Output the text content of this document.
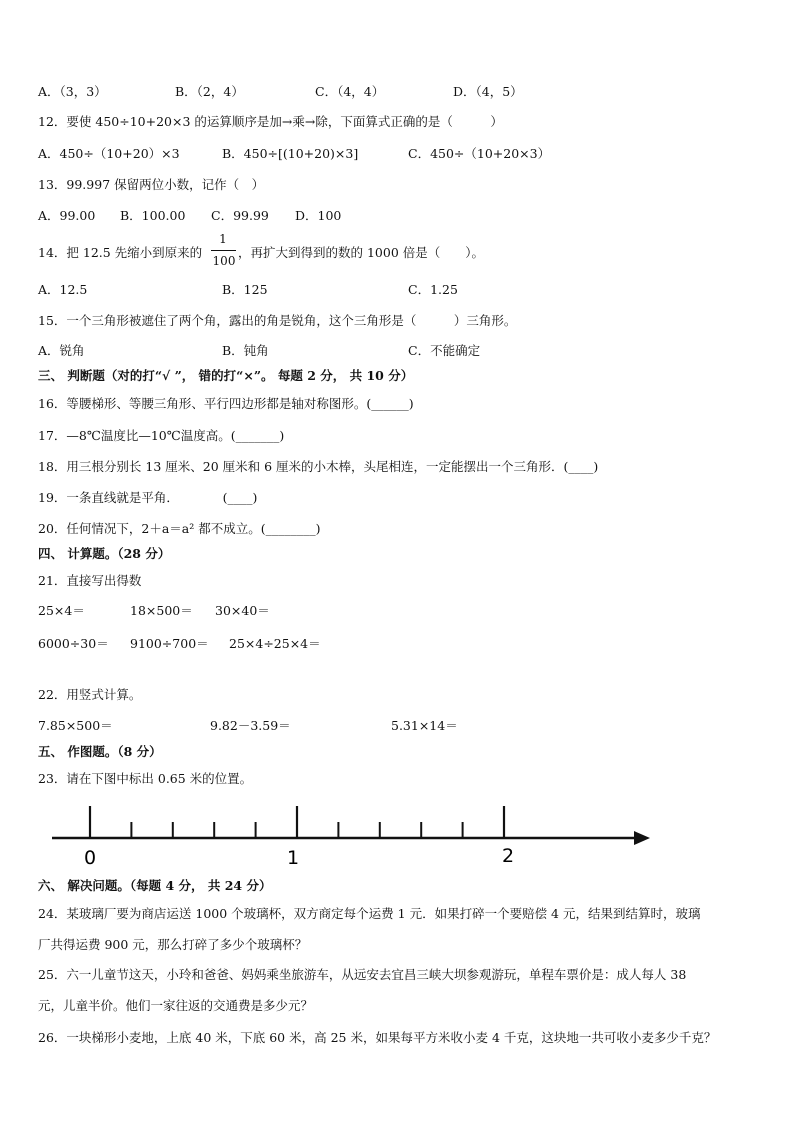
A．（3，3）	B．（2，4）	C．（4，4）	D．（4，5）
12．要使 450÷10+20×3 的运算顺序是加→乘→除，下面算式正确的是（　　　）
A．450÷（10+20）×3	B．450÷[(10+20)×3]	C．450÷（10+20×3）
13．99.997 保留两位小数，记作（　）
A．99.00 B．100.00 C．99.99 D．100
A．12.5	B．125	C．1.25
15．一个三角形被遮住了两个角，露出的角是锐角，这个三角形是（　　　）三角形。
A．锐角	B．钝角	C．不能确定
三、 判断题（对的打“√ ”， 错的打“×”。 每题 2 分， 共 10 分）
16．等腰梯形、等腰三角形、平行四边形都是轴对称图形。(______)
17．—8℃温度比—10℃温度高。(_______)
18．用三根分别长 13 厘米、20 厘米和 6 厘米的小木棒，头尾相连，一定能摆出一个三角形．(____)
19．一条直线就是平角．　　　　(____)
20．任何情况下，2＋a＝a² 都不成立。(________)
四、 计算题。（28 分）
21．直接写出得数
25×4＝	18×500＝ 30×40＝
6000÷30＝ 9100÷700＝ 25×4÷25×4＝
22．用竖式计算。
7.85×500＝	9.82－3.59＝	5.31×14＝
五、 作图题。（8 分）
23．请在下图中标出 0.65 米的位置。
六、 解决问题。（每题 4 分， 共 24 分）
24．某玻璃厂要为商店运送 1000 个玻璃杯，双方商定每个运费 1 元．如果打碎一个要赔偿 4 元，结果到结算时，玻璃
厂共得运费 900 元，那么打碎了多少个玻璃杯？
25．六一儿童节这天，小玲和爸爸、妈妈乘坐旅游车，从远安去宜昌三峡大坝参观游玩，单程车票价是：成人每人 38
元，儿童半价。他们一家往返的交通费是多少元？
26．一块梯形小麦地，上底 40 米，下底 60 米，高 25 米，如果每平方米收小麦 4 千克，这块地一共可收小麦多少千克？
14．把 12.5 先缩小到原来的
1
100
，再扩大到得到的数的 1000 倍是（　　）。
0	1	2
